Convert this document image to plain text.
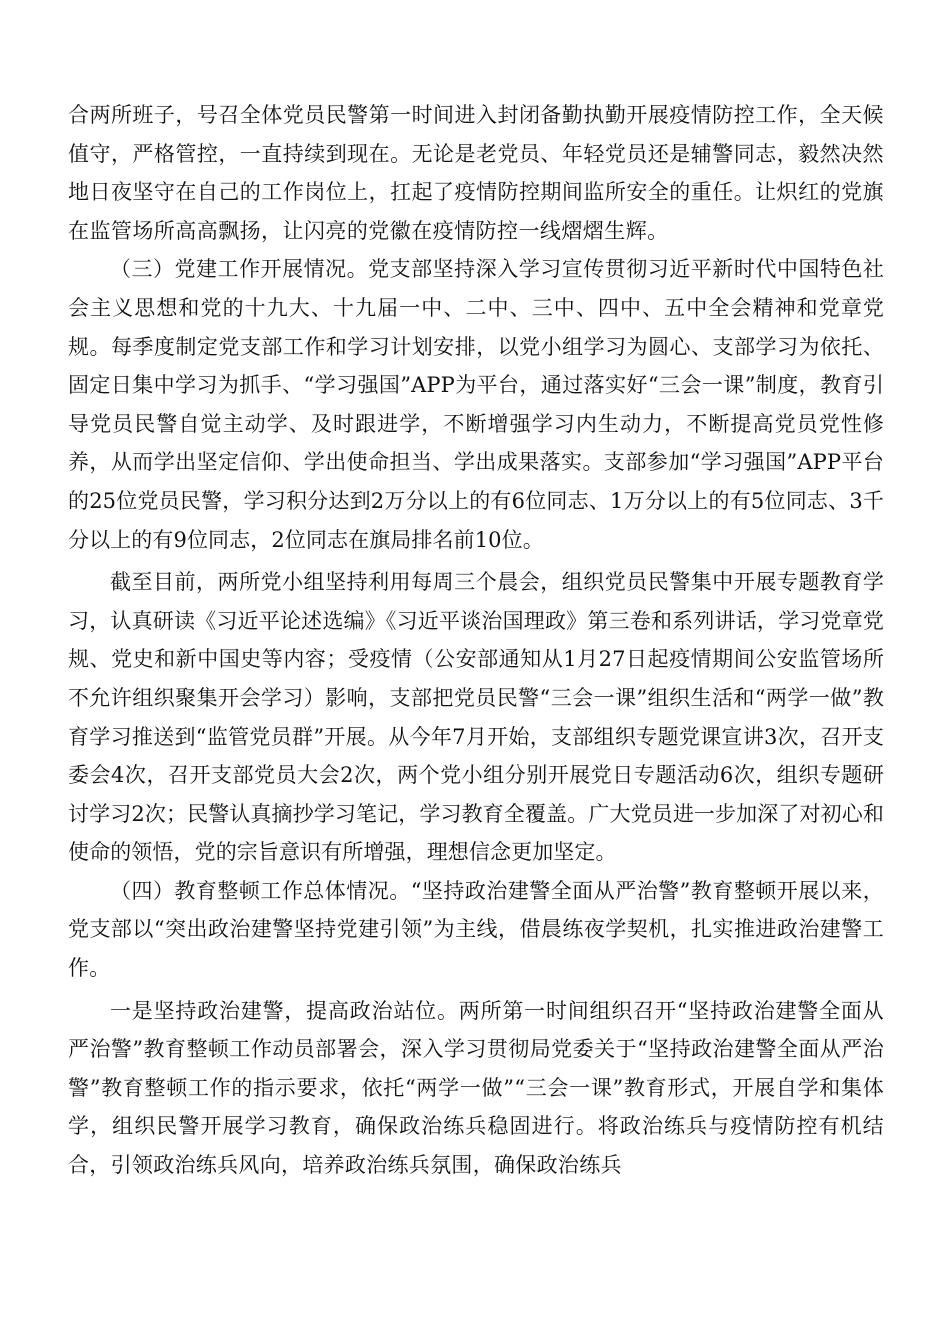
合两所班子，号召全体党员民警第一时间进入封闭备勤执勤开展疫情防控工作，全天候值守，严格管控，一直持续到现在。无论是老党员、年轻党员还是辅警同志，毅然决然地日夜坚守在自己的工作岗位上，扛起了疫情防控期间监所安全的重任。让炽红的党旗在监管场所高高飘扬，让闪亮的党徽在疫情防控一线熠熠生辉。

（三）党建工作开展情况。党支部坚持深入学习宣传贯彻习近平新时代中国特色社会主义思想和党的十九大、十九届一中、二中、三中、四中、五中全会精神和党章党规。每季度制定党支部工作和学习计划安排，以党小组学习为圆心、支部学习为依托、固定日集中学习为抓手、“学习强国”APP为平台，通过落实好“三会一课”制度，教育引导党员民警自觉主动学、及时跟进学，不断增强学习内生动力，不断提高党员党性修养，从而学出坚定信仰、学出使命担当、学出成果落实。支部参加“学习强国”APP平台的25位党员民警，学习积分达到2万分以上的有6位同志、1万分以上的有5位同志、3千分以上的有9位同志，2位同志在旗局排名前10位。

截至目前，两所党小组坚持利用每周三个晨会，组织党员民警集中开展专题教育学习，认真研读《习近平论述选编》《习近平谈治国理政》第三卷和系列讲话，学习党章党规、党史和新中国史等内容；受疫情（公安部通知从1月27日起疫情期间公安监管场所不允许组织聚集开会学习）影响，支部把党员民警“三会一课”组织生活和“两学一做”教育学习推送到“监管党员群”开展。从今年7月开始，支部组织专题党课宣讲3次，召开支委会4次，召开支部党员大会2次，两个党小组分别开展党日专题活动6次，组织专题研讨学习2次；民警认真摘抄学习笔记，学习教育全覆盖。广大党员进一步加深了对初心和使命的领悟，党的宗旨意识有所增强，理想信念更加坚定。

（四）教育整顿工作总体情况。“坚持政治建警全面从严治警”教育整顿开展以来，党支部以“突出政治建警坚持党建引领”为主线，借晨练夜学契机，扎实推进政治建警工作。

一是坚持政治建警，提高政治站位。两所第一时间组织召开“坚持政治建警全面从严治警”教育整顿工作动员部署会，深入学习贯彻局党委关于“坚持政治建警全面从严治警”教育整顿工作的指示要求，依托“两学一做”“三会一课”教育形式，开展自学和集体学，组织民警开展学习教育，确保政治练兵稳固进行。将政治练兵与疫情防控有机结合，引领政治练兵风向，培养政治练兵氛围，确保政治练兵
